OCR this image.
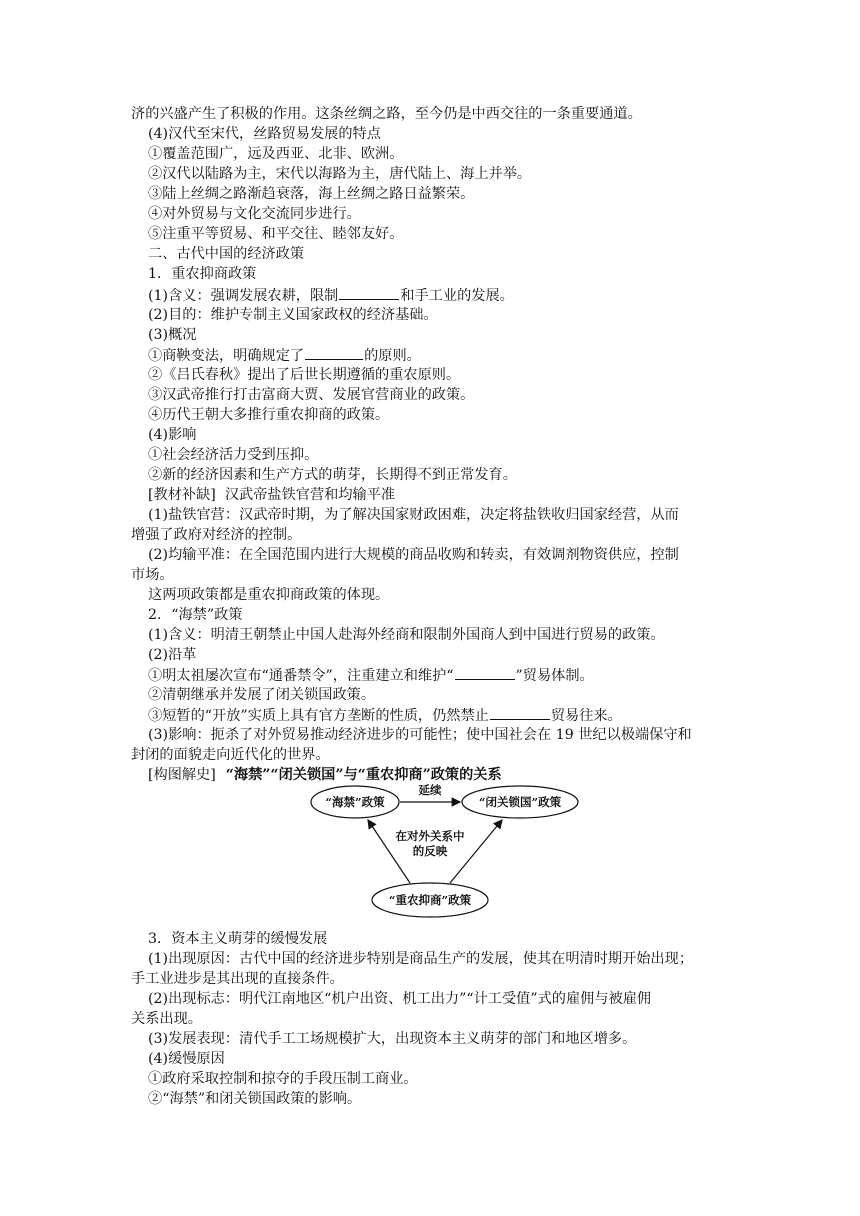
济的兴盛产生了积极的作用。这条丝绸之路，至今仍是中西交往的一条重要通道。
(4)汉代至宋代，丝路贸易发展的特点
①覆盖范围广，远及西亚、北非、欧洲。
②汉代以陆路为主，宋代以海路为主，唐代陆上、海上并举。
③陆上丝绸之路渐趋衰落，海上丝绸之路日益繁荣。
④对外贸易与文化交流同步进行。
⑤注重平等贸易、和平交往、睦邻友好。
二、古代中国的经济政策
1．重农抑商政策
(1)含义：强调发展农耕，限制	和手工业的发展。
(2)目的：维护专制主义国家政权的经济基础。
(3)概况
①商鞅变法，明确规定了	的原则。
②《吕氏春秋》提出了后世长期遵循的重农原则。
③汉武帝推行打击富商大贾、发展官营商业的政策。
④历代王朝大多推行重农抑商的政策。
(4)影响
①社会经济活力受到压抑。
②新的经济因素和生产方式的萌芽，长期得不到正常发育。
[教材补缺] 汉武帝盐铁官营和均输平准
(1)盐铁官营：汉武帝时期，为了解决国家财政困难，决定将盐铁收归国家经营，从而
增强了政府对经济的控制。
(2)均输平准：在全国范围内进行大规模的商品收购和转卖，有效调剂物资供应，控制
市场。
这两项政策都是重农抑商政策的体现。
2．“海禁”政策
(1)含义：明清王朝禁止中国人赴海外经商和限制外国商人到中国进行贸易的政策。
(2)沿革
①明太祖屡次宣布“通番禁令”，注重建立和维护“	”贸易体制。
②清朝继承并发展了闭关锁国政策。
③短暂的“开放”实质上具有官方垄断的性质，仍然禁止	贸易往来。
(3)影响：扼杀了对外贸易推动经济进步的可能性；使中国社会在 19 世纪以极端保守和
封闭的面貌走向近代化的世界。
[构图解史] “海禁”“闭关锁国”与“重农抑商”政策的关系
“海禁”政策	“闭关锁国”政策
延续
在对外关系中
的反映
“重农抑商”政策
3．资本主义萌芽的缓慢发展
(1)出现原因：古代中国的经济进步特别是商品生产的发展，使其在明清时期开始出现；
手工业进步是其出现的直接条件。
(2)出现标志：明代江南地区“机户出资、机工出力”“计工受值”式的雇佣与被雇佣
关系出现。
(3)发展表现：清代手工工场规模扩大，出现资本主义萌芽的部门和地区增多。
(4)缓慢原因
①政府采取控制和掠夺的手段压制工商业。
②“海禁”和闭关锁国政策的影响。
